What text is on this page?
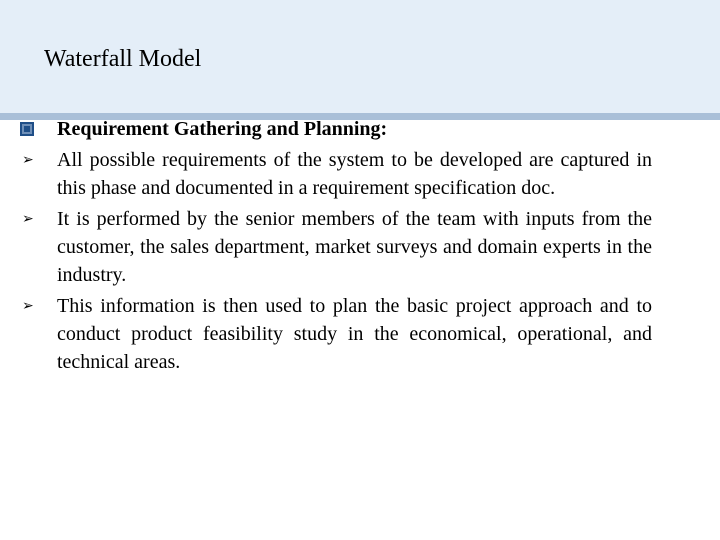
Waterfall Model
Requirement Gathering and Planning:
➢ All possible requirements of the system to be developed are captured in this phase and documented in a requirement specification doc.
➢ It is performed by the senior members of the team with inputs from the customer, the sales department, market surveys and domain experts in the industry.
➢ This information is then used to plan the basic project approach and to conduct product feasibility study in the economical, operational, and technical areas.
